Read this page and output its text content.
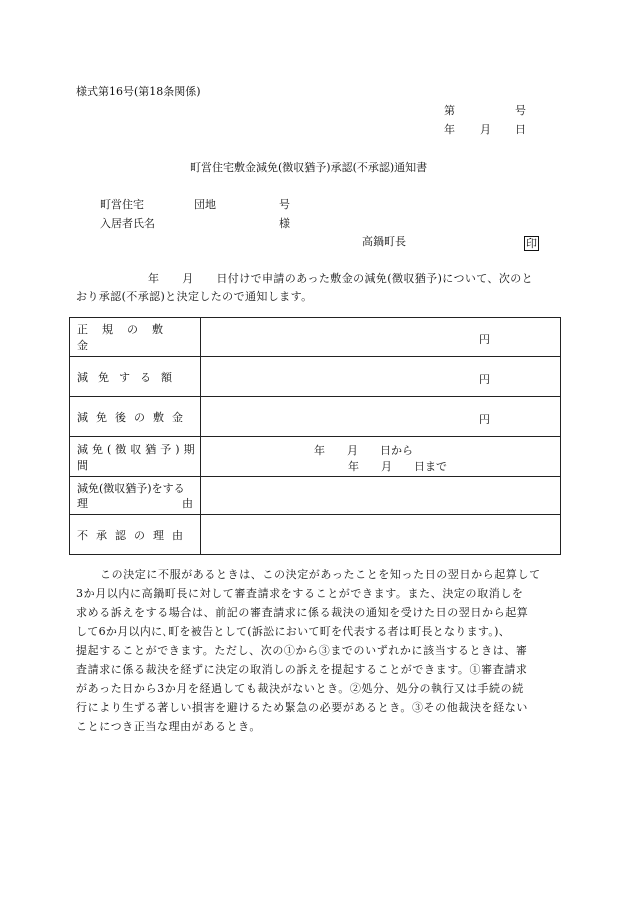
様式第16号(第18条関係)
第	号
年 月 日
町営住宅敷金減免(徴収猶予)承認(不承認)通知書
町営住宅	団地	号
入居者氏名	様
高鍋町長	印
年　　月　　日付けで申請のあった敷金の減免(徴収猶予)について、次のと
おり承認(不承認)と決定したので通知します。
正規の敷金	円

減免する額	円

減免後の敷金	円

減免(徴収猶予)期間	年　　月　　日から
年　　月　　日まで

減免(徴収猶予)をする
理 由	

不承認の理由	
この決定に不服があるときは、この決定があったことを知った日の翌日から起算して
3か月以内に高鍋町長に対して審査請求をすることができます。また、決定の取消しを
求める訴えをする場合は、前記の審査請求に係る裁決の通知を受けた日の翌日から起算
して6か月以内に､町を被告として(訴訟において町を代表する者は町長となります。)、
提起することができます。ただし、次の①から③までのいずれかに該当するときは、審
査請求に係る裁決を経ずに決定の取消しの訴えを提起することができます。①審査請求
があった日から3か月を経過しても裁決がないとき。②処分、処分の執行又は手続の続
行により生ずる著しい損害を避けるため緊急の必要があるとき。③その他裁決を経ない
ことにつき正当な理由があるとき。
